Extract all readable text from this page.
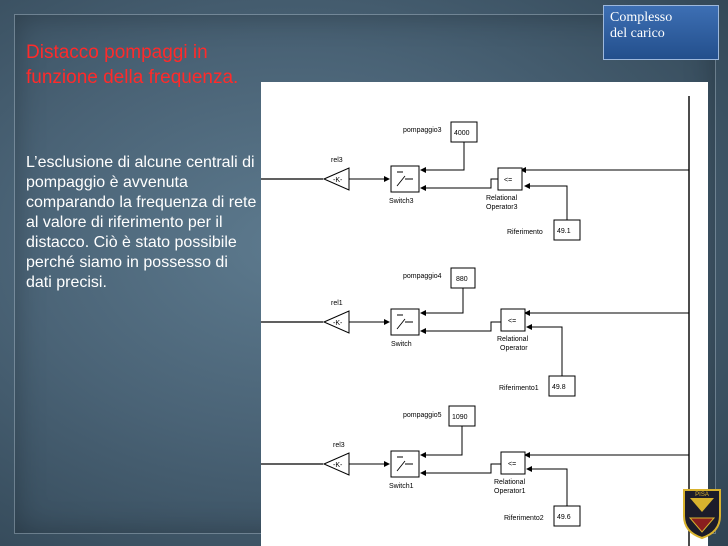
Complesso
del carico

Distacco pompaggi in funzione della frequenza.

L’esclusione di alcune centrali di pompaggio è avvenuta comparando la frequenza di rete al valore di riferimento per il distacco. Ciò è stato possibile perché siamo in possesso di dati precisi.

-K-
rel3
Switch3
pompaggio3 4000
<=
Relational
Operator3
Riferimento 49.1
-K-
rel1
Switch
pompaggio4 880
<=
Relational
Operator
Riferimento1 49.8
-K-
rel3
Switch1
pompaggio5 1090
<=
Relational
Operator1
Riferimento2 49.6
PISA
